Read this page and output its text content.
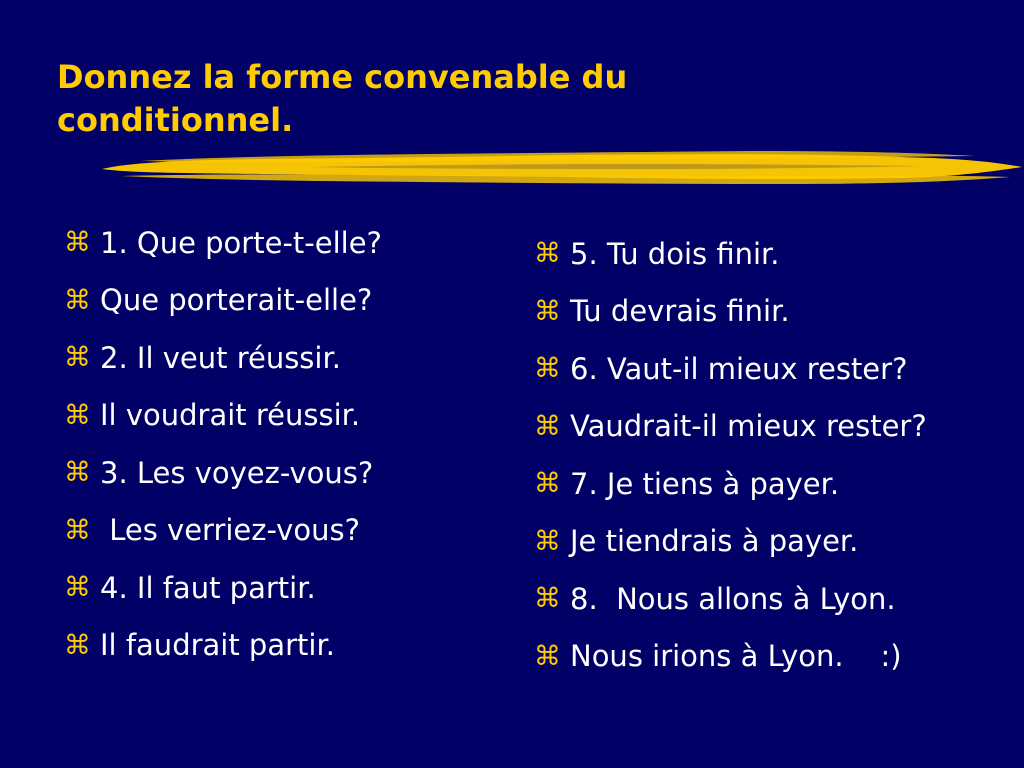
Donnez la forme convenable du
conditionnel.
⌘ 1. Que porte-t-elle?
⌘ Que porterait-elle?
⌘ 2. Il veut réussir.
⌘ Il voudrait réussir.
⌘ 3. Les voyez-vous?
⌘ Les verriez-vous?
⌘ 4. Il faut partir.
⌘ Il faudrait partir.
⌘ 5. Tu dois finir.
⌘ Tu devrais finir.
⌘ 6. Vaut-il mieux rester?
⌘ Vaudrait-il mieux rester?
⌘ 7. Je tiens à payer.
⌘ Je tiendrais à payer.
⌘ 8.  Nous allons à Lyon.
⌘ Nous irions à Lyon.    :)
